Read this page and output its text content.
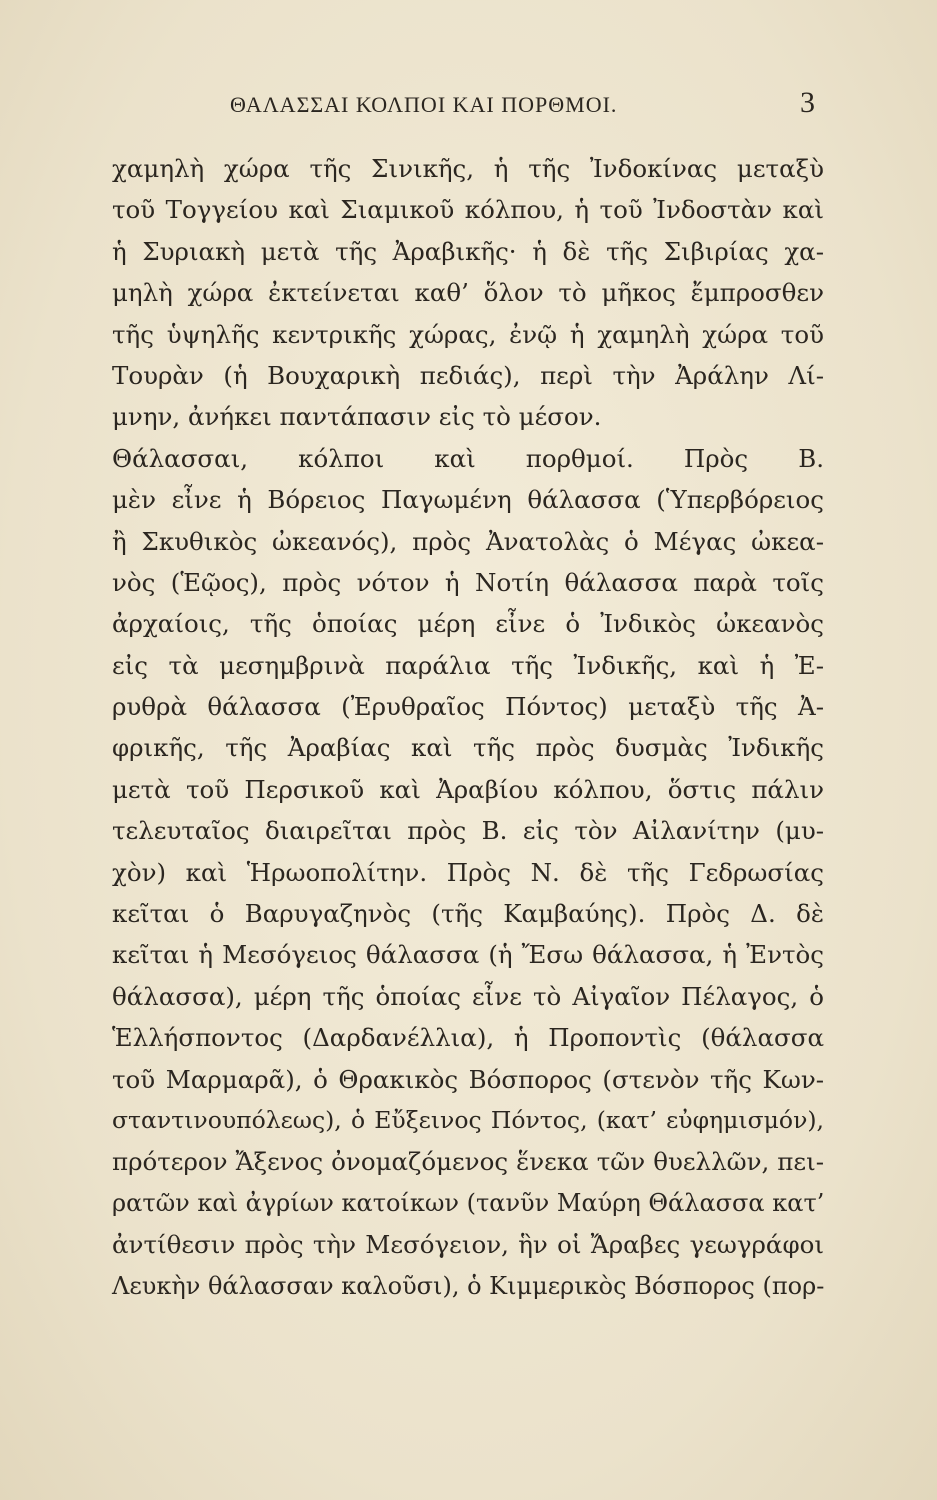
ΘΑΛΑΣΣΑΙ ΚΟΛΠΟΙ ΚΑΙ ΠΟΡΘΜΟΙ.	3
χαμηλὴ χώρα τῆς Σινικῆς, ἡ τῆς Ἰνδοκίνας μεταξὺ
τοῦ Τογγείου καὶ Σιαμικοῦ κόλπου, ἡ τοῦ Ἰνδοστὰν καὶ
ἡ Συριακὴ μετὰ τῆς Ἀραβικῆς· ἡ δὲ τῆς Σιβιρίας χα-
μηλὴ χώρα ἐκτείνεται καθ’ ὅλον τὸ μῆκος ἔμπροσθεν
τῆς ὑψηλῆς κεντρικῆς χώρας, ἐνῷ ἡ χαμηλὴ χώρα τοῦ
Τουρὰν (ἡ Βουχαρικὴ πεδιάς), περὶ τὴν Ἀράλην Λί-
μνην, ἀνήκει παντάπασιν εἰς τὸ μέσον.
Θάλασσαι, κόλποι καὶ πορθμοί. Πρὸς Β.
μὲν εἶνε ἡ Βόρειος Παγωμένη θάλασσα (Ὑπερβόρειος
ἢ Σκυθικὸς ὠκεανός), πρὸς Ἀνατολὰς ὁ Μέγας ὠκεα-
νὸς (Ἑῷος), πρὸς νότον ἡ Νοτίη θάλασσα παρὰ τοῖς
ἀρχαίοις, τῆς ὁποίας μέρη εἶνε ὁ Ἰνδικὸς ὠκεανὸς
εἰς τὰ μεσημβρινὰ παράλια τῆς Ἰνδικῆς, καὶ ἡ Ἐ-
ρυθρὰ θάλασσα (Ἐρυθραῖος Πόντος) μεταξὺ τῆς Ἀ-
φρικῆς, τῆς Ἀραβίας καὶ τῆς πρὸς δυσμὰς Ἰνδικῆς
μετὰ τοῦ Περσικοῦ καὶ Ἀραβίου κόλπου, ὅστις πάλιν
τελευταῖος διαιρεῖται πρὸς Β. εἰς τὸν Αἰλανίτην (μυ-
χὸν) καὶ Ἡρωοπολίτην. Πρὸς Ν. δὲ τῆς Γεδρωσίας
κεῖται ὁ Βαρυγαζηνὸς (τῆς Καμβαύης). Πρὸς Δ. δὲ
κεῖται ἡ Μεσόγειος θάλασσα (ἡ Ἔσω θάλασσα, ἡ Ἐντὸς
θάλασσα), μέρη τῆς ὁποίας εἶνε τὸ Αἰγαῖον Πέλαγος, ὁ
Ἑλλήσποντος (Δαρδανέλλια), ἡ Προποντὶς (θάλασσα
τοῦ Μαρμαρᾶ), ὁ Θρακικὸς Βόσπορος (στενὸν τῆς Κων-
σταντινουπόλεως), ὁ Εὔξεινος Πόντος, (κατ’ εὐφημισμόν),
πρότερον Ἄξενος ὀνομαζόμενος ἕνεκα τῶν θυελλῶν, πει-
ρατῶν καὶ ἀγρίων κατοίκων (τανῦν Μαύρη Θάλασσα κατ’
ἀντίθεσιν πρὸς τὴν Μεσόγειον, ἣν οἱ Ἄραβες γεωγράφοι
Λευκὴν θάλασσαν καλοῦσι), ὁ Κιμμερικὸς Βόσπορος (πορ-
